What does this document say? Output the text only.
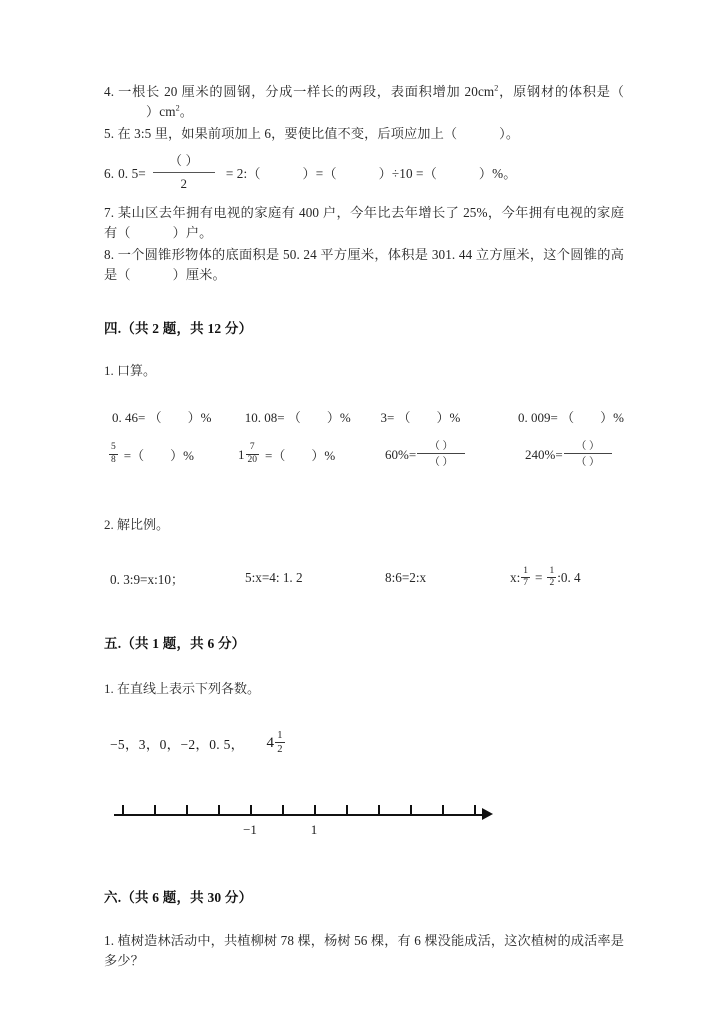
4. 一根长 20 厘米的圆钢，分成一样长的两段，表面积增加 $20cm^2$，原钢材的体积是$()cm^2$。
5. 在 3:5 里，如果前项加上 6，要使比值不变，后项应加上（	）。
6. 0. $5= \frac{( )}{2}$ = 2:（	）=（	）÷10 =（	）%。
7. 某山区去年拥有电视的家庭有 400 户，今年比去年增长了 25%，今年拥有电视的家庭有（	）户。
8. 一个圆锥形物体的底面积是 50. 24 平方厘米，体积是 301. 44 立方厘米，这个圆锥的高是（	）厘米。
四.（共 2 题，共 12 分）
1. 口算。
0. 46= （ ）%	10. 08= （ ）%	3= （ ）%	0. 009= （ ）%
$\frac{5}{8}$ =（ ）%	$1 \frac{7}{20}$ =（ ）%	$60\%= \frac{( )}{( )}$	$240\%= \frac{( )}{( )}$
2. 解比例。
0. 3:9=x:10；	5:x=4: 1. 2	8:6=2:x	x: $\frac{1}{7} = \frac{1}{2}$ :0. 4
五.（共 1 题，共 6 分）
1. 在直线上表示下列各数。
−5，3，0，−2，0. 5， $4 \frac{1}{2}$
−1	1
六.（共 6 题，共 30 分）
1. 植树造林活动中，共植柳树 78 棵，杨树 56 棵，有 6 棵没能成活，这次植树的成活率是多少？
